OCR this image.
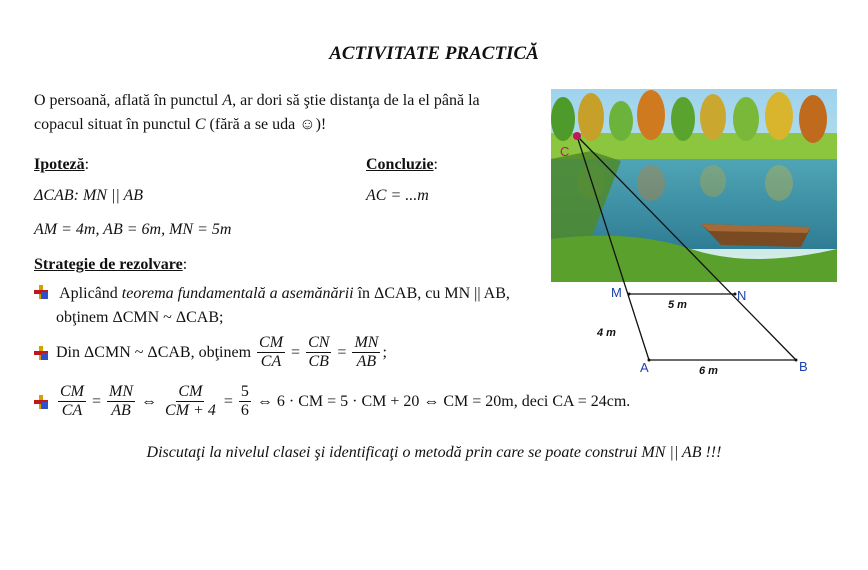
ACTIVITATE PRACTICĂ
O persoană, aflată în punctul A, ar dori să ştie distanţa de la el până la
copacul situat în punctul C (fără a se uda ☺)!
Ipoteză:	Concluzie:
ΔCAB: MN || AB	AC = ...m
AM = 4m, AB = 6m, MN = 5m
Strategie de rezolvare:
Aplicând teorema fundamentală a asemănării în ΔCAB, cu MN || AB,
obţinem ΔCMN ~ ΔCAB;
Din ΔCMN ~ ΔCAB, obţinem $\frac{CM}{CA} = \frac{CN}{CB} = \frac{MN}{AB}$ ;
$\frac{CM}{CA} = \frac{MN}{AB}$ ⇔ $\frac{CM}{CM + 4} = \frac{5}{6}$ ⇔ 6 · CM = 5 · CM + 20 ⇔ CM = 20m, deci CA = 24cm.
Discutaţi la nivelul clasei şi identificaţi o metodă prin care se poate construi MN || AB !!!
C
M	N
A	B
5 m
4 m
6 m
